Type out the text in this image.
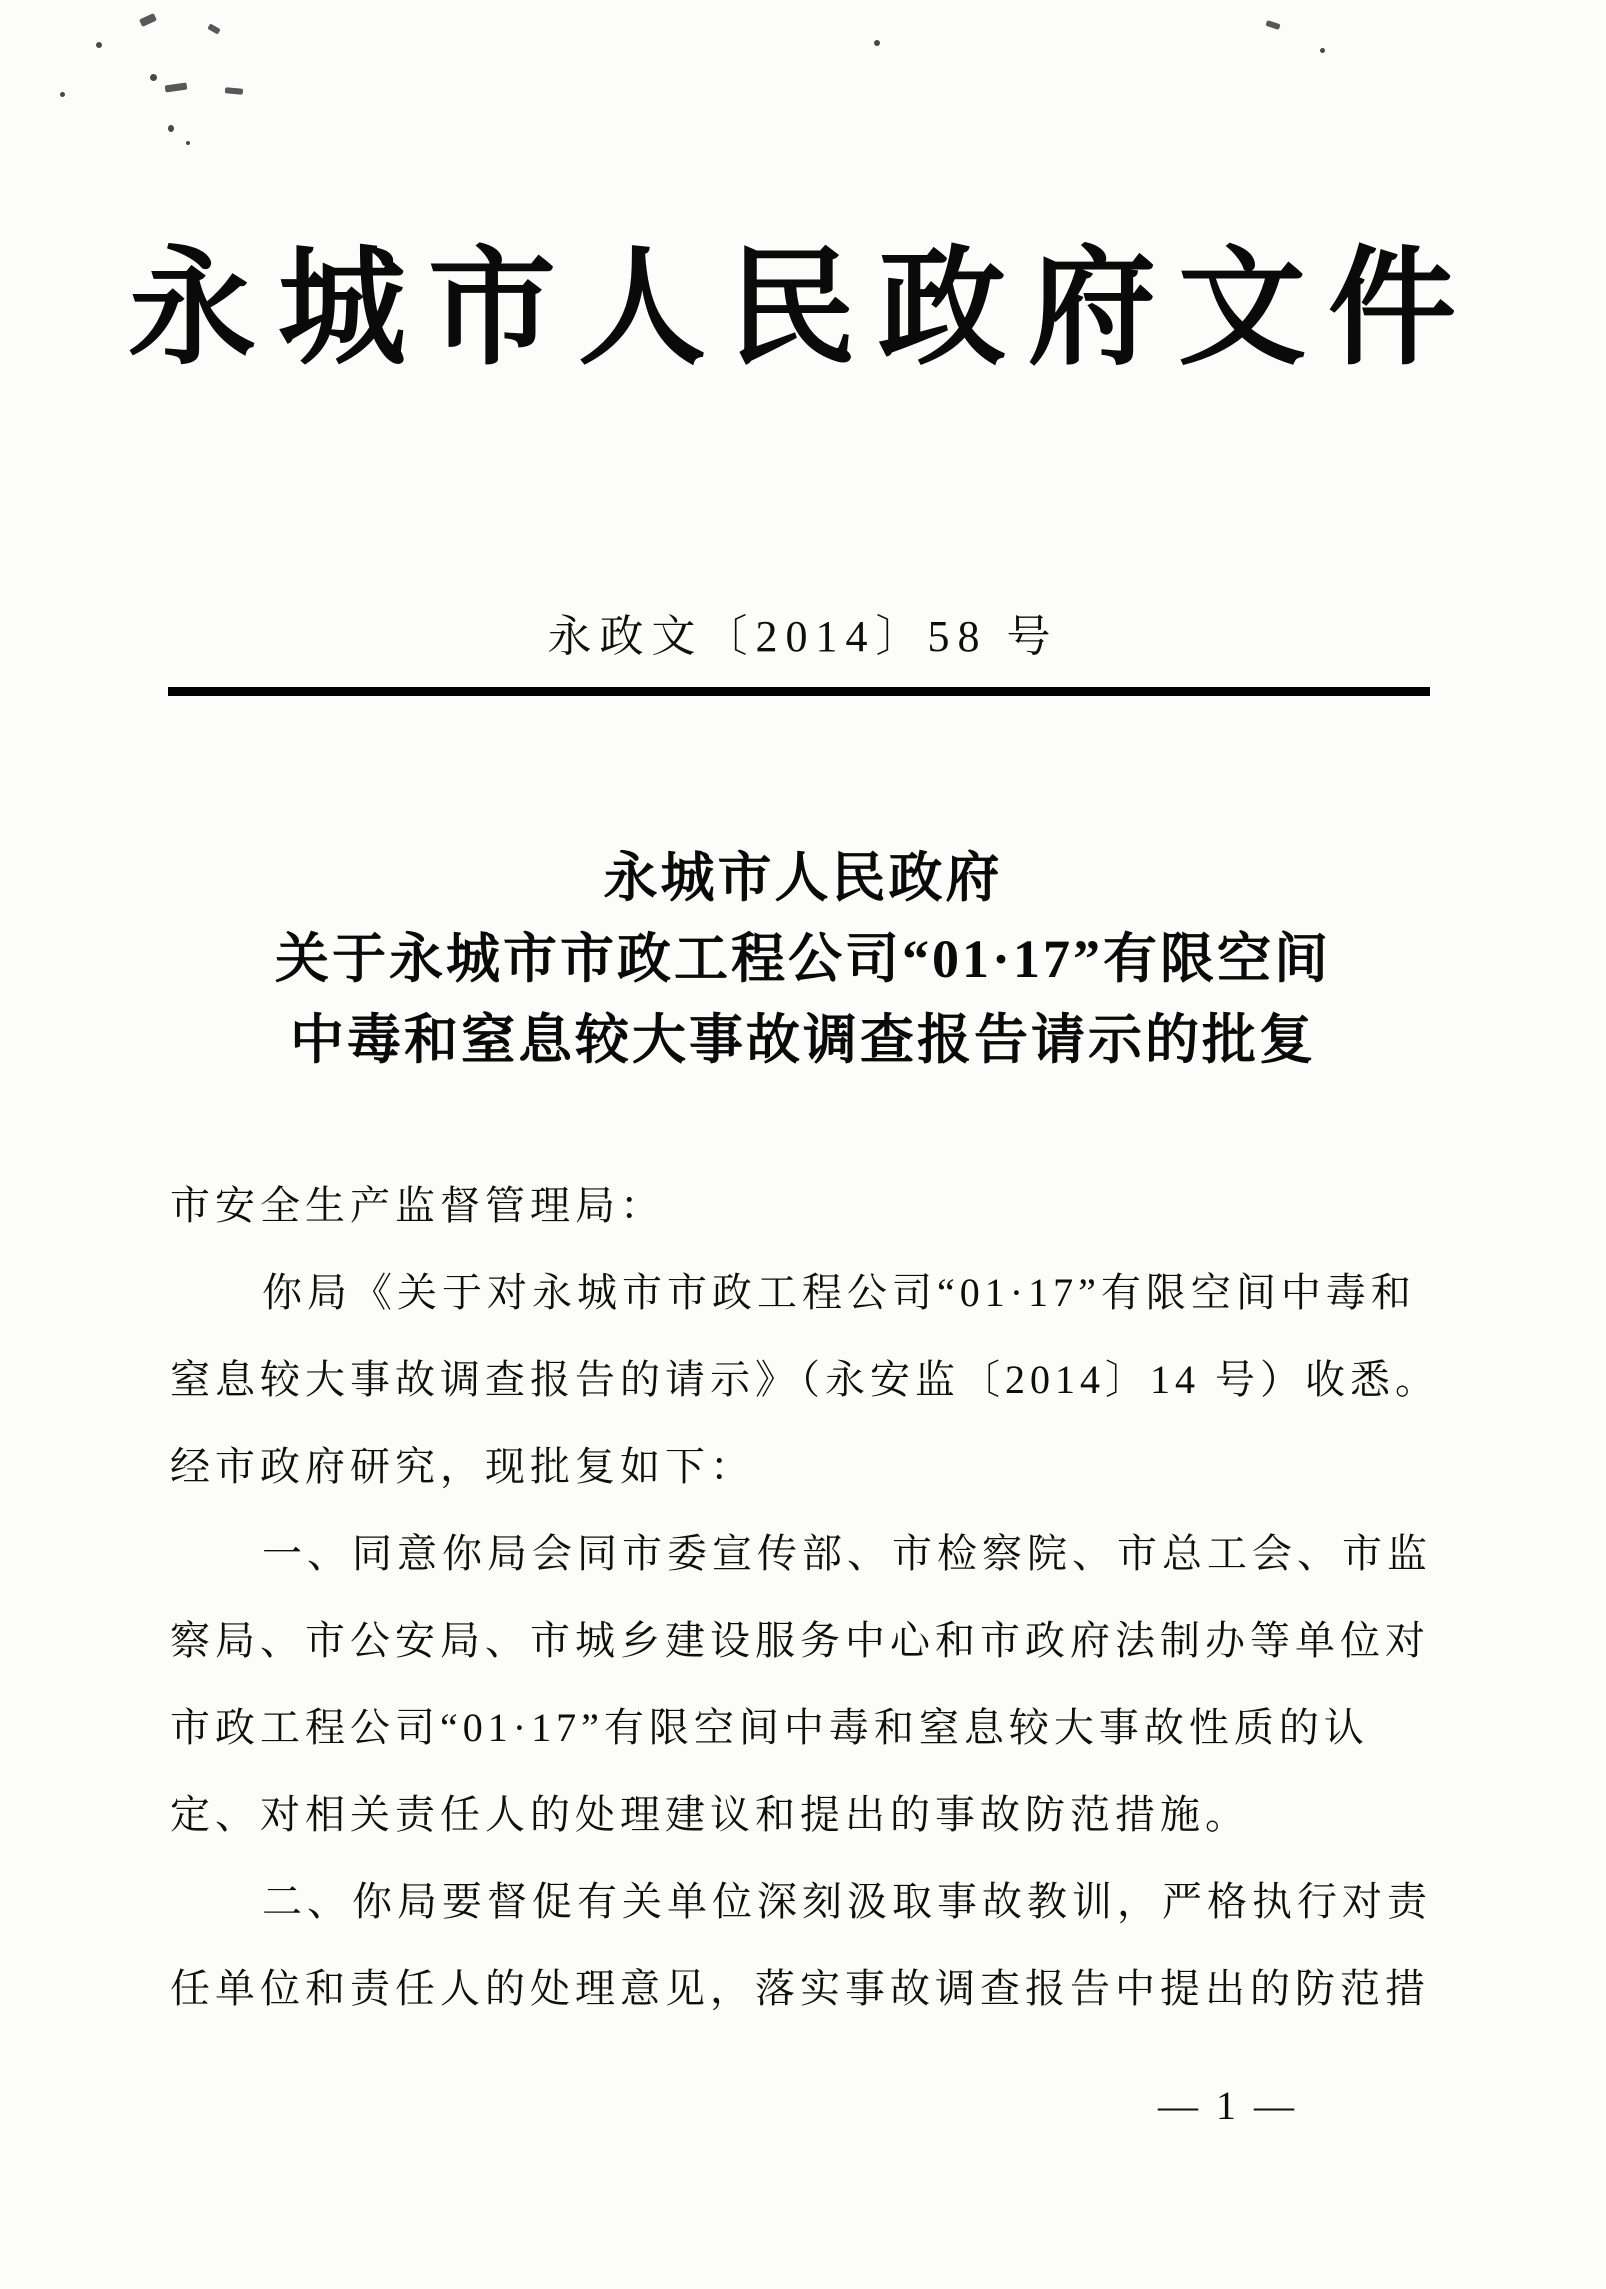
永城市人民政府文件
永政文〔2014〕58 号
永城市人民政府
关于永城市市政工程公司“01·17”有限空间
中毒和窒息较大事故调查报告请示的批复
市安全生产监督管理局：
你局《关于对永城市市政工程公司“01·17”有限空间中毒和
窒息较大事故调查报告的请示》（永安监〔2014〕14 号）收悉。
经市政府研究，现批复如下：
一、同意你局会同市委宣传部、市检察院、市总工会、市监
察局、市公安局、市城乡建设服务中心和市政府法制办等单位对
市政工程公司“01·17”有限空间中毒和窒息较大事故性质的认
定、对相关责任人的处理建议和提出的事故防范措施。
二、你局要督促有关单位深刻汲取事故教训，严格执行对责
任单位和责任人的处理意见，落实事故调查报告中提出的防范措
— 1 —
